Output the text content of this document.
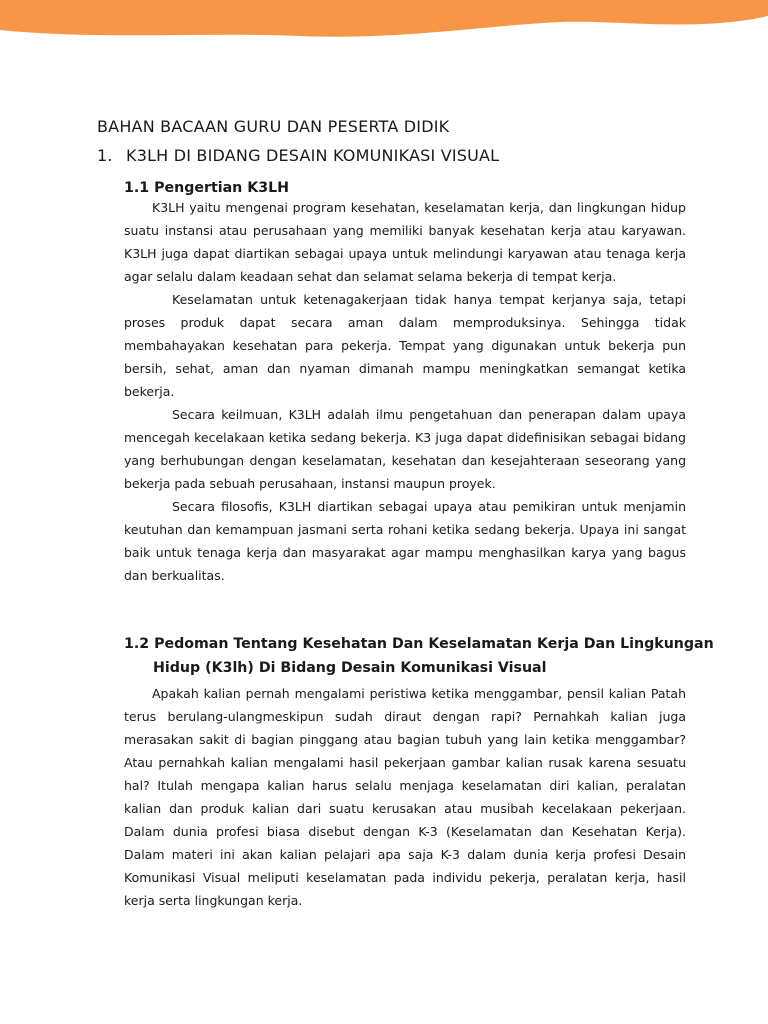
BAHAN BACAAN GURU DAN PESERTA DIDIK
1. K3LH DI BIDANG DESAIN KOMUNIKASI VISUAL
1.1 Pengertian K3LH

K3LH yaitu mengenai program kesehatan, keselamatan kerja, dan lingkungan hidup suatu instansi atau perusahaan yang memiliki banyak kesehatan kerja atau karyawan. K3LH juga dapat diartikan sebagai upaya untuk melindungi karyawan atau tenaga kerja agar selalu dalam keadaan sehat dan selamat selama bekerja di tempat kerja.

Keselamatan untuk ketenagakerjaan tidak hanya tempat kerjanya saja, tetapi proses produk dapat secara aman dalam memproduksinya. Sehingga tidak membahayakan kesehatan para pekerja. Tempat yang digunakan untuk bekerja pun bersih, sehat, aman dan nyaman dimanah mampu meningkatkan semangat ketika bekerja.

Secara keilmuan, K3LH adalah ilmu pengetahuan dan penerapan dalam upaya mencegah kecelakaan ketika sedang bekerja. K3 juga dapat didefinisikan sebagai bidang yang berhubungan dengan keselamatan, kesehatan dan kesejahteraan seseorang yang bekerja pada sebuah perusahaan, instansi maupun proyek.

Secara filosofis, K3LH diartikan sebagai upaya atau pemikiran untuk menjamin keutuhan dan kemampuan jasmani serta rohani ketika sedang bekerja. Upaya ini sangat baik untuk tenaga kerja dan masyarakat agar mampu menghasilkan karya yang bagus dan berkualitas.

1.2 Pedoman Tentang Kesehatan Dan Keselamatan Kerja Dan Lingkungan
Hidup (K3lh) Di Bidang Desain Komunikasi Visual

Apakah kalian pernah mengalami peristiwa ketika menggambar, pensil kalian Patah terus berulang-ulangmeskipun sudah diraut dengan rapi? Pernahkah kalian juga merasakan sakit di bagian pinggang atau bagian tubuh yang lain ketika menggambar? Atau pernahkah kalian mengalami hasil pekerjaan gambar kalian rusak karena sesuatu hal? Itulah mengapa kalian harus selalu menjaga keselamatan diri kalian, peralatan kalian dan produk kalian dari suatu kerusakan atau musibah kecelakaan pekerjaan. Dalam dunia profesi biasa disebut dengan K-3 (Keselamatan dan Kesehatan Kerja). Dalam materi ini akan kalian pelajari apa saja K-3 dalam dunia kerja profesi Desain Komunikasi Visual meliputi keselamatan pada individu pekerja, peralatan kerja, hasil kerja serta lingkungan kerja.
